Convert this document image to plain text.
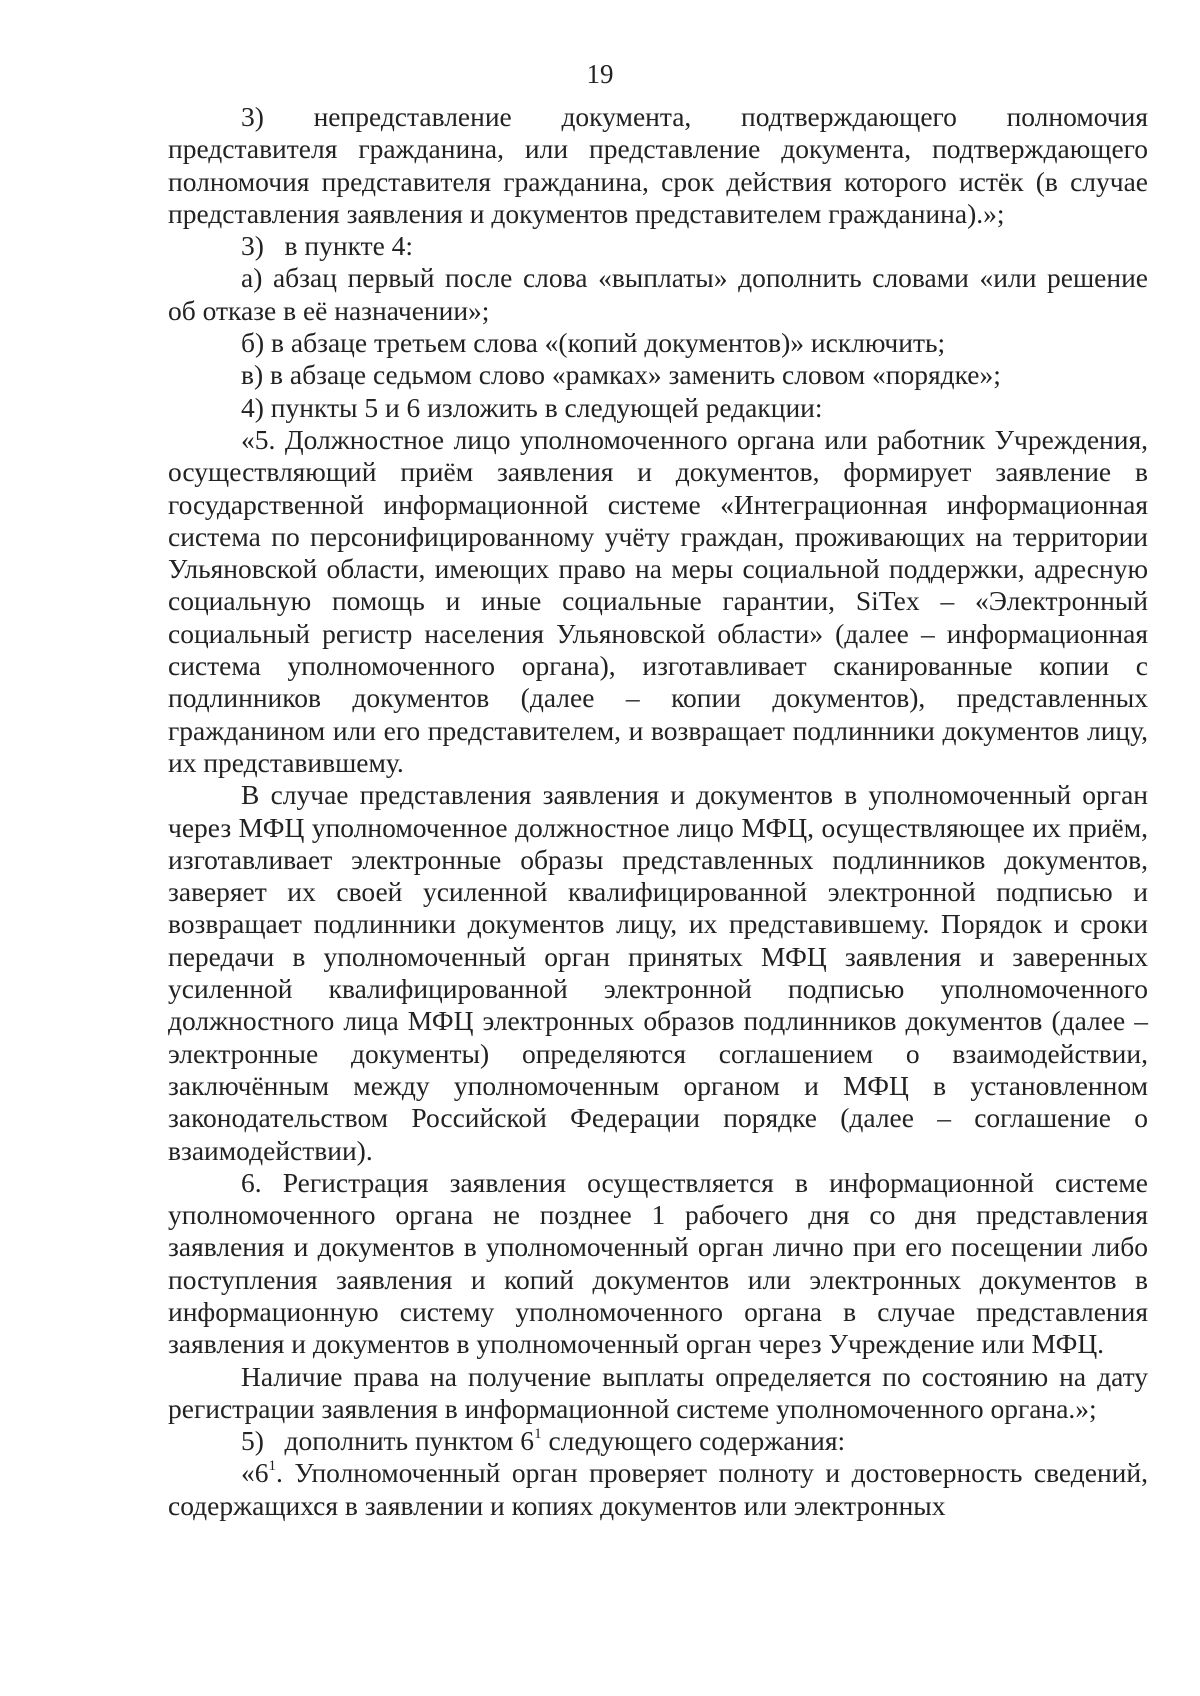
19

3) непредставление документа, подтверждающего полномочия представителя гражданина, или представление документа, подтверждающего полномочия представителя гражданина, срок действия которого истёк (в случае представления заявления и документов представителем гражданина).»;

3)  в пункте 4:

а) абзац первый после слова «выплаты» дополнить словами «или решение об отказе в её назначении»;

б) в абзаце третьем слова «(копий документов)» исключить;

в) в абзаце седьмом слово «рамках» заменить словом «порядке»;

4) пункты 5 и 6 изложить в следующей редакции:

«5. Должностное лицо уполномоченного органа или работник Учреждения, осуществляющий приём заявления и документов, формирует заявление в государственной информационной системе «Интеграционная информационная система по персонифицированному учёту граждан, проживающих на территории Ульяновской области, имеющих право на меры социальной поддержки, адресную социальную помощь и иные социальные гарантии, SiTex – «Электронный социальный регистр населения Ульяновской области» (далее – информационная система уполномоченного органа), изготавливает сканированные копии с подлинников документов (далее – копии документов), представленных гражданином или его представителем, и возвращает подлинники документов лицу, их представившему.

В случае представления заявления и документов в уполномоченный орган через МФЦ уполномоченное должностное лицо МФЦ, осуществляющее их приём, изготавливает электронные образы представленных подлинников документов, заверяет их своей усиленной квалифицированной электронной подписью и возвращает подлинники документов лицу, их представившему. Порядок и сроки передачи в уполномоченный орган принятых МФЦ заявления и заверенных усиленной квалифицированной электронной подписью уполномоченного должностного лица МФЦ электронных образов подлинников документов (далее – электронные документы) определяются соглашением о взаимодействии, заключённым между уполномоченным органом и МФЦ в установленном законодательством Российской Федерации порядке (далее – соглашение о взаимодействии).

6. Регистрация заявления осуществляется в информационной системе уполномоченного органа не позднее 1 рабочего дня со дня представления заявления и документов в уполномоченный орган лично при его посещении либо поступления заявления и копий документов или электронных документов в информационную систему уполномоченного органа в случае представления заявления и документов в уполномоченный орган через Учреждение или МФЦ.

Наличие права на получение выплаты определяется по состоянию на дату регистрации заявления в информационной системе уполномоченного органа.»;

5)  дополнить пунктом $6^1$ следующего содержания:

«$6^1$. Уполномоченный орган проверяет полноту и достоверность сведений, содержащихся в заявлении и копиях документов или электронных
